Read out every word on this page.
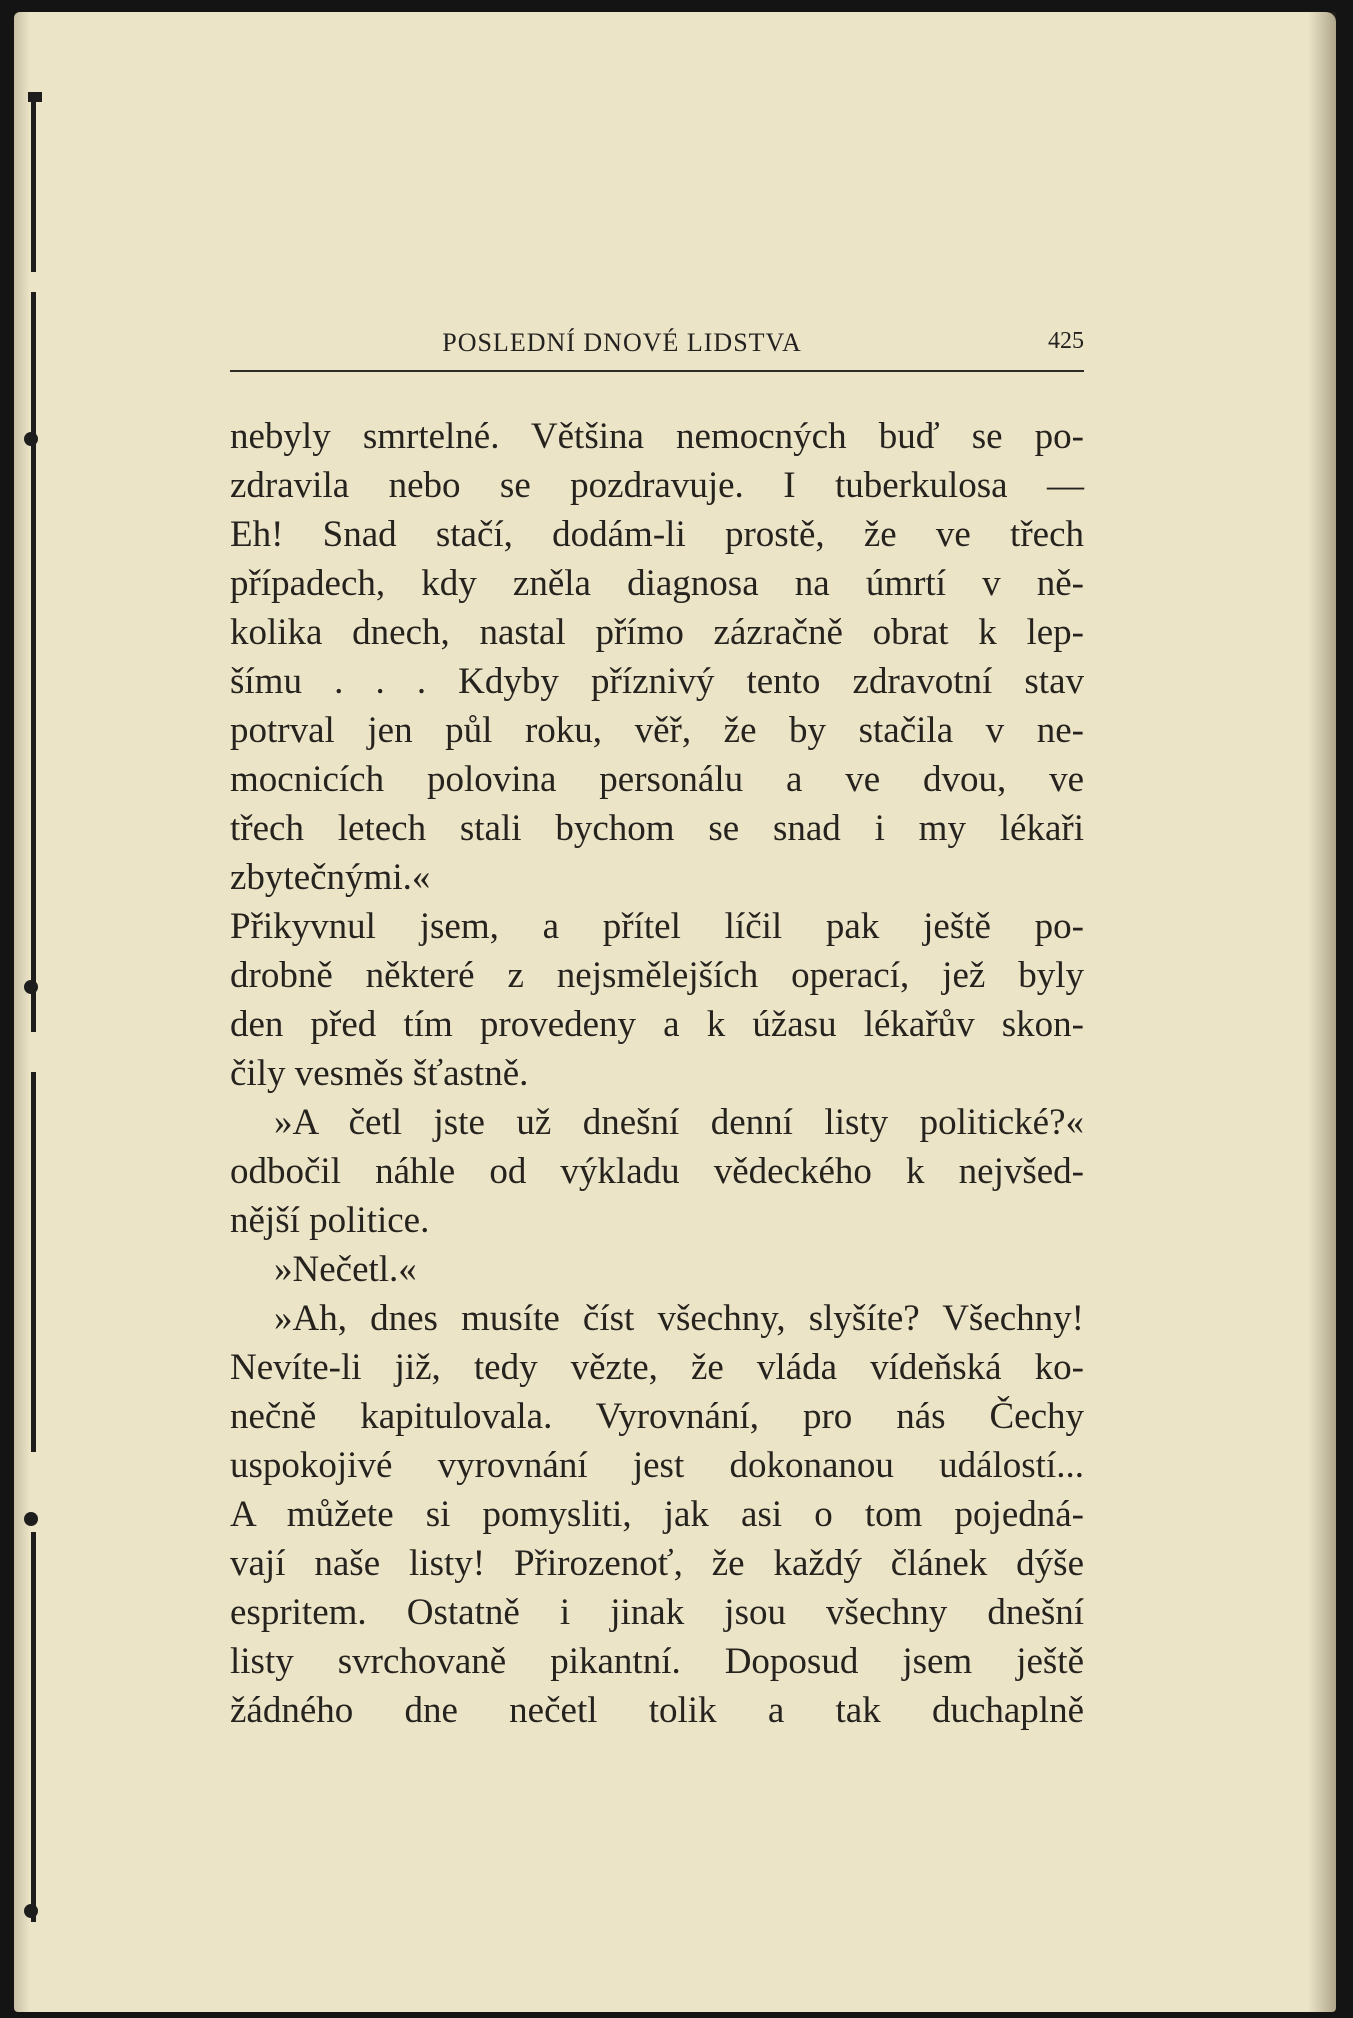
POSLEDNÍ DNOVÉ LIDSTVA	425
nebyly smrtelné. Většina nemocných buď se po-
zdravila nebo se pozdravuje. I tuberkulosa —
Eh! Snad stačí, dodám-li prostě, že ve třech
případech, kdy zněla diagnosa na úmrtí v ně-
kolika dnech, nastal přímo zázračně obrat k lep-
šímu . . . Kdyby příznivý tento zdravotní stav
potrval jen půl roku, věř, že by stačila v ne-
mocnicích polovina personálu a ve dvou, ve
třech letech stali bychom se snad i my lékaři
zbytečnými.«
Přikyvnul jsem, a přítel líčil pak ještě po-
drobně některé z nejsmělejších operací, jež byly
den před tím provedeny a k úžasu lékařův skon-
čily vesměs šťastně.
»A četl jste už dnešní denní listy politické?«
odbočil náhle od výkladu vědeckého k nejvšed-
nější politice.
»Nečetl.«
»Ah, dnes musíte číst všechny, slyšíte? Všechny!
Nevíte-li již, tedy vězte, že vláda vídeňská ko-
nečně kapitulovala. Vyrovnání, pro nás Čechy
uspokojivé vyrovnání jest dokonanou událostí...
A můžete si pomysliti, jak asi o tom pojedná-
vají naše listy! Přirozenoť, že každý článek dýše
espritem. Ostatně i jinak jsou všechny dnešní
listy svrchovaně pikantní. Doposud jsem ještě
žádného dne nečetl tolik a tak duchaplně
